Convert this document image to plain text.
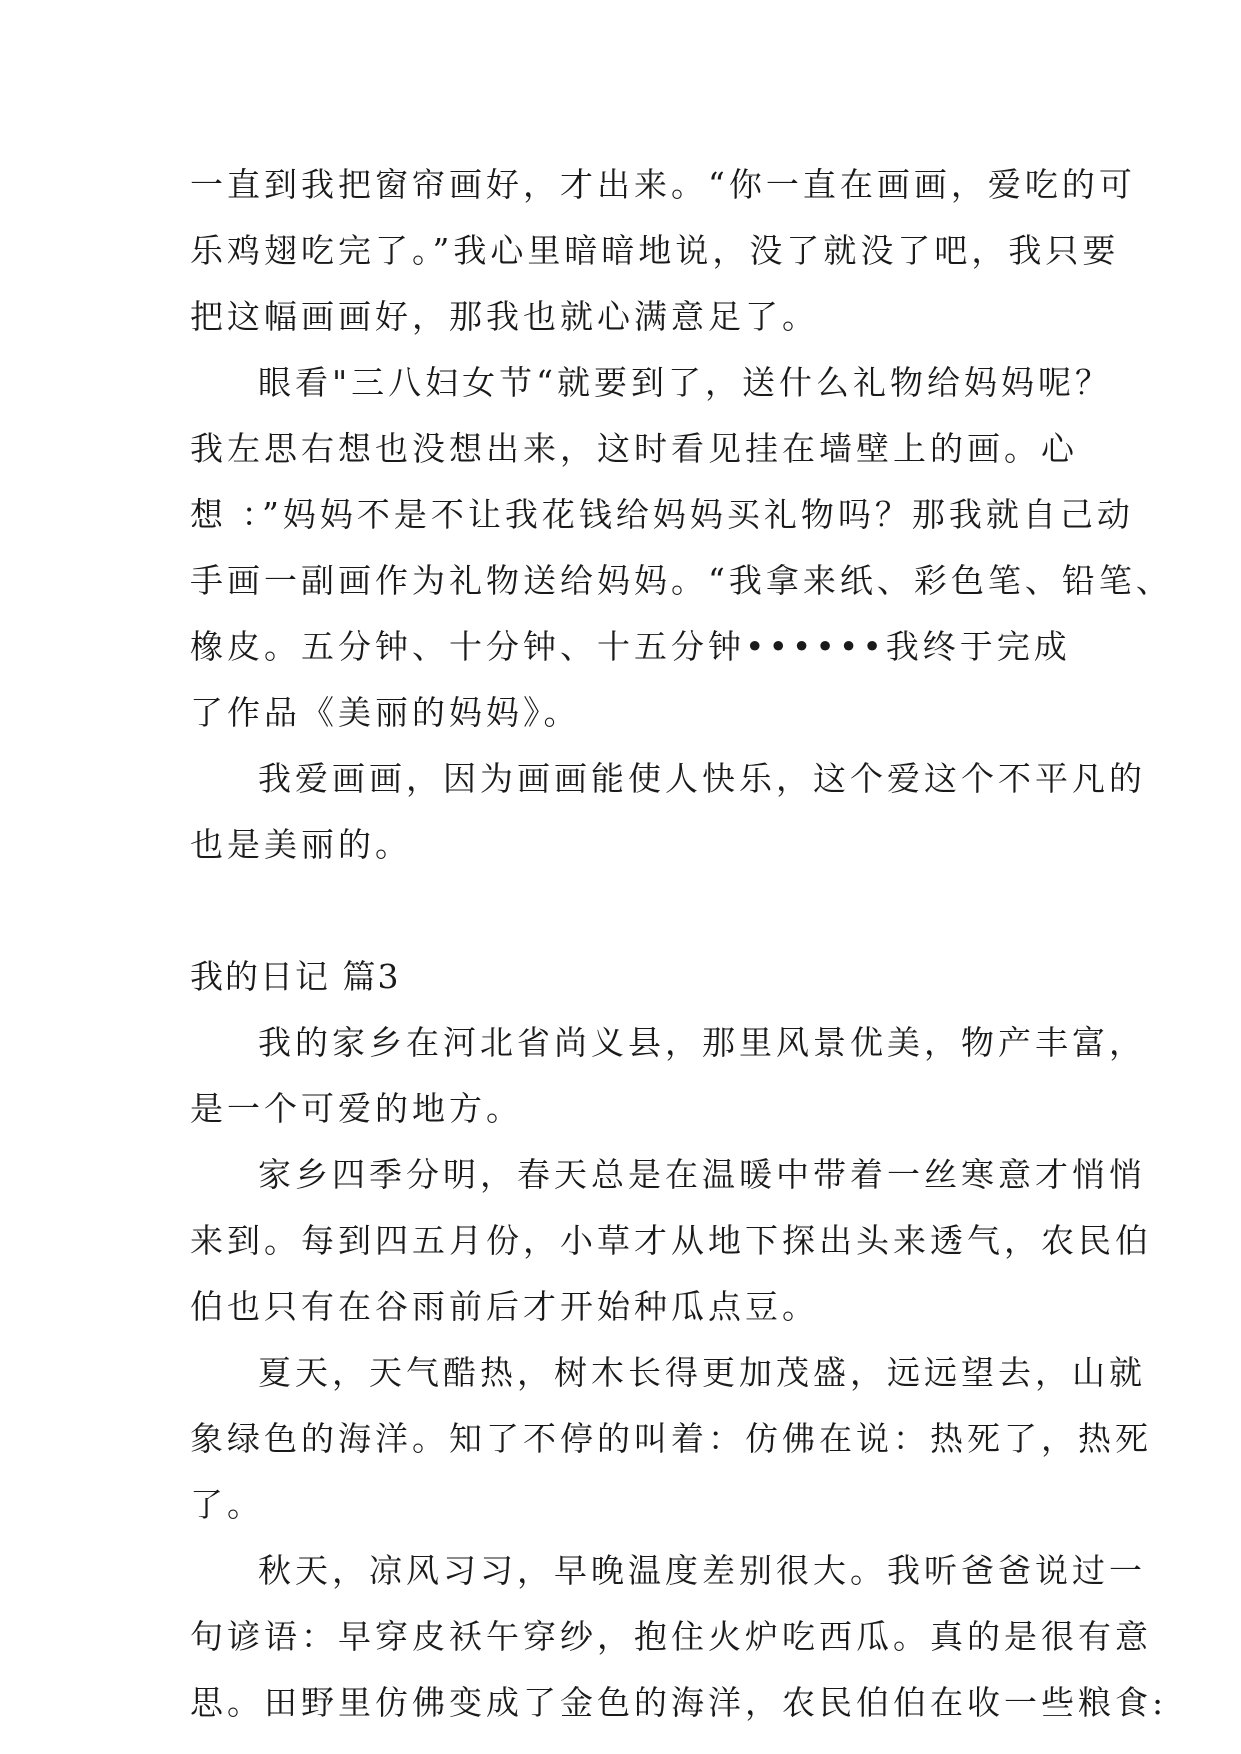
一直到我把窗帘画好，才出来。“你一直在画画，爱吃的可
乐鸡翅吃完了。”我心里暗暗地说，没了就没了吧，我只要
把这幅画画好，那我也就心满意足了。
眼看"三八妇女节“就要到了，送什么礼物给妈妈呢？
我左思右想也没想出来，这时看见挂在墙壁上的画。心
想 ：”妈妈不是不让我花钱给妈妈买礼物吗？那我就自己动
手画一副画作为礼物送给妈妈。“我拿来纸、彩色笔、铅笔、
橡皮。五分钟、十分钟、十五分钟••••••我终于完成
了作品《美丽的妈妈》。
我爱画画，因为画画能使人快乐，这个爱这个不平凡的
也是美丽的。
我的日记 篇3
我的家乡在河北省尚义县，那里风景优美，物产丰富，
是一个可爱的地方。
家乡四季分明，春天总是在温暖中带着一丝寒意才悄悄
来到。每到四五月份，小草才从地下探出头来透气，农民伯
伯也只有在谷雨前后才开始种瓜点豆。
夏天，天气酷热，树木长得更加茂盛，远远望去，山就
象绿色的海洋。知了不停的叫着：仿佛在说：热死了，热死
了。
秋天，凉风习习，早晚温度差别很大。我听爸爸说过一
句谚语：早穿皮袄午穿纱，抱住火炉吃西瓜。真的是很有意
思。田野里仿佛变成了金色的海洋，农民伯伯在收一些粮食:
